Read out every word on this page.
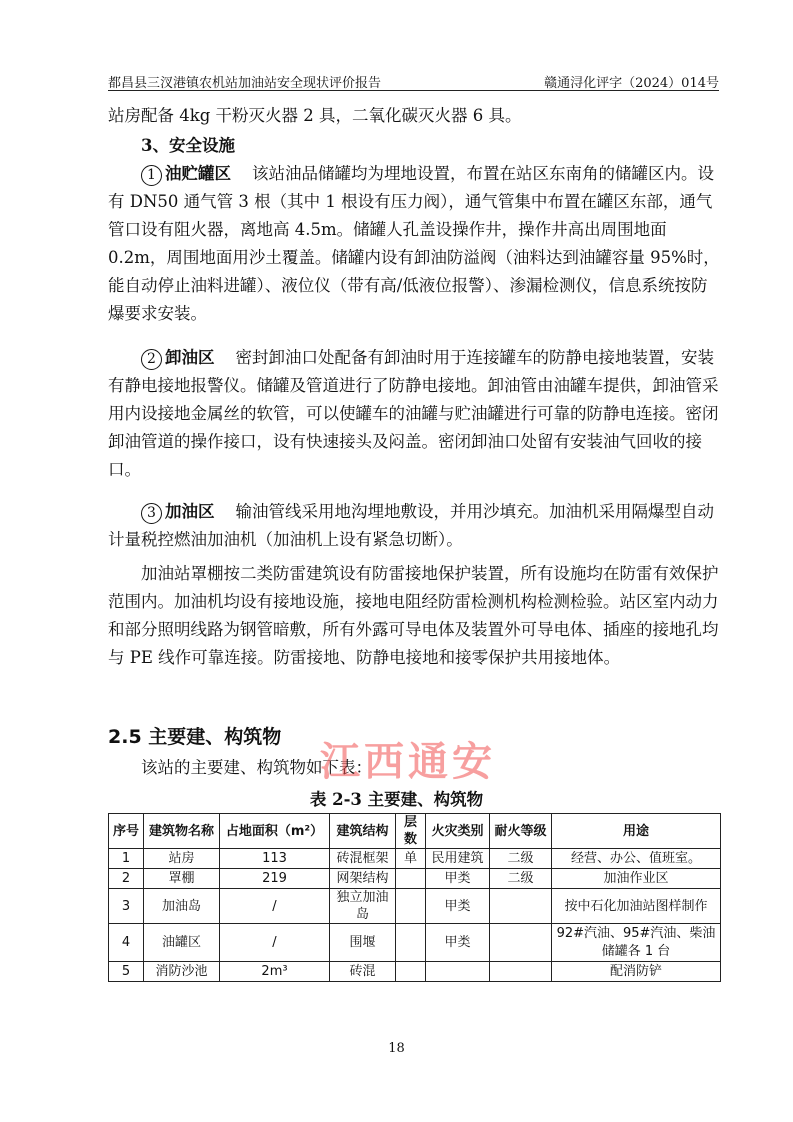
都昌县三汊港镇农机站加油站安全现状评价报告	赣通浔化评字（2024）014号

站房配备 4kg 干粉灭火器 2 具，二氧化碳灭火器 6 具。

3、安全设施

1 油贮罐区 该站油品储罐均为埋地设置，布置在站区东南角的储罐区内。设有 DN50 通气管 3 根（其中 1 根设有压力阀），通气管集中布置在罐区东部，通气管口设有阻火器，离地高 4.5m。储罐人孔盖设操作井，操作井高出周围地面 0.2m，周围地面用沙土覆盖。储罐内设有卸油防溢阀（油料达到油罐容量 95%时，能自动停止油料进罐）、液位仪（带有高/低液位报警）、渗漏检测仪，信息系统按防爆要求安装。

2 卸油区 密封卸油口处配备有卸油时用于连接罐车的防静电接地装置，安装有静电接地报警仪。储罐及管道进行了防静电接地。卸油管由油罐车提供，卸油管采用内设接地金属丝的软管，可以使罐车的油罐与贮油罐进行可靠的防静电连接。密闭卸油管道的操作接口，设有快速接头及闷盖。密闭卸油口处留有安装油气回收的接口。

3 加油区 输油管线采用地沟埋地敷设，并用沙填充。加油机采用隔爆型自动计量税控燃油加油机（加油机上设有紧急切断）。

加油站罩棚按二类防雷建筑设有防雷接地保护装置，所有设施均在防雷有效保护范围内。加油机均设有接地设施，接地电阻经防雷检测机构检测检验。站区室内动力和部分照明线路为钢管暗敷，所有外露可导电体及装置外可导电体、插座的接地孔均与 PE 线作可靠连接。防雷接地、防静电接地和接零保护共用接地体。

2.5 主要建、构筑物

该站的主要建、构筑物如下表：

表 2-3 主要建、构筑物
序号	建筑物名称	占地面积（m²）	建筑结构	层数	火灾类别	耐火等级	用途
1	站房	113	砖混框架	单	民用建筑	二级	经营、办公、值班室。
2	罩棚	219	网架结构		甲类	二级	加油作业区
3	加油岛	/	独立加油岛		甲类		按中石化加油站图样制作
4	油罐区	/	围堰		甲类		92#汽油、95#汽油、柴油储罐各 1 台
5	消防沙池	2m³	砖混				配消防铲
江西通安
18
